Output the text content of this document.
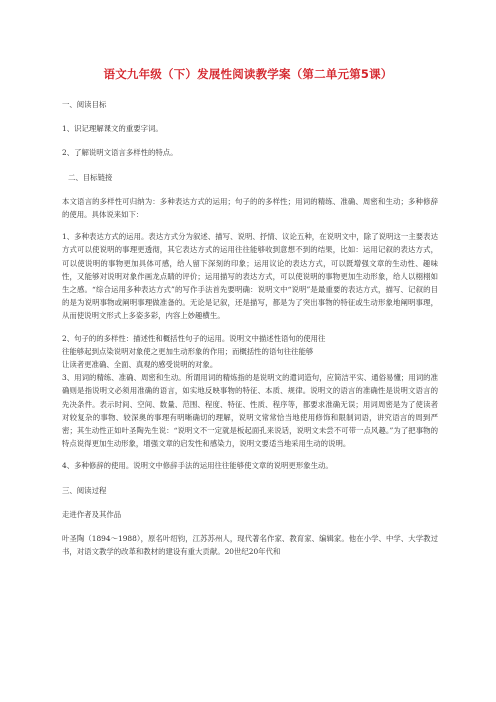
语文九年级（下）发展性阅读教学案（第二单元第5课）

一、阅读目标

1、识记理解课文的重要字词。

2、了解说明文语言多样性的特点。

二、目标链接

本文语言的多样性可归纳为：多种表达方式的运用；句子的的多样性；用词的精练、准确、周密和生动；多种修辞的使用。具体说来如下：

1、多种表达方式的运用。表达方式分为叙述、描写、说明、抒情、议论五种，在说明文中，除了说明这一主要表达方式可以使说明的事理更透彻，其它表达方式的运用往往能够收到意想不到的结果，比如：运用记叙的表达方式，可以使说明的事物更加具体可感，给人留下深刻的印象；运用议论的表达方式，可以既增强文章的生动性、趣味性，又能够对说明对象作画龙点睛的评价；运用描写的表达方式，可以使说明的事物更加生动形象，给人以栩栩如生之感。“综合运用多种表达方式”的写作手法首先要明确：说明文中“说明”是最重要的表达方式，描写、记叙的目的是为说明事物或阐明事理做准备的。无论是记叙，还是描写，都是为了突出事物的特征或生动形象地阐明事理，从而使说明文形式上多姿多彩，内容上妙趣横生。

2、句子的的多样性：描述性和概括性句子的运用。说明文中描述性语句的使用往

往能够起到点染说明对象使之更加生动形象的作用；而概括性的语句往往能够

让读者更准确、全面、真观的感受说明的对象。

3、用词的精练、准确、周密和生动。所谓用词的精炼指的是说明文的遣词造句，应简洁平实、通俗易懂；用词的准确则是指说明文必须用准确的语言，如实地反映事物的特征、本质、规律。说明文的语言的准确性是说明文语言的先决条件。表示时间、空间、数量、范围、程度、特征、性质、程序等，都要求准确无误；用词周密是为了使读者对较复杂的事物、较深奥的事理有明晰确切的理解，说明文常常恰当地使用修饰和限制词语，讲究语言的周到严密；其生动性正如叶圣陶先生说：“说明文不一定就是板起面孔来说话，说明文未尝不可带一点风趣。”为了把事物的特点说得更加生动形象，增强文章的启发性和感染力，说明文要适当地采用生动的说明。

4、多种修辞的使用。说明文中修辞手法的运用往往能够使文章的说明更形象生动。

三、阅读过程

走进作者及其作品

叶圣陶（1894～1988），原名叶绍钧，江苏苏州人，现代著名作家、教育家、编辑家。他在小学、中学、大学教过书，对语文教学的改革和教材的建设有重大贡献。20世纪20年代和
